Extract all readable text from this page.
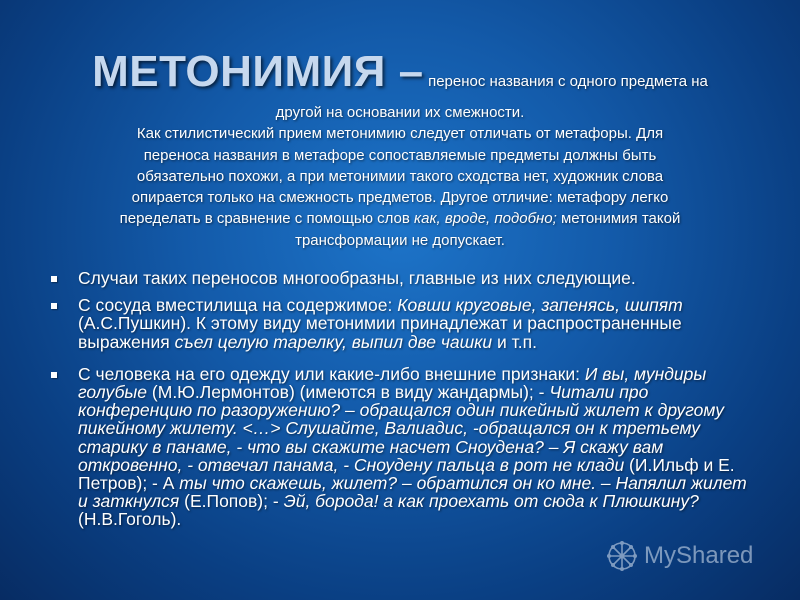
МЕТОНИМИЯ – перенос названия с одного предмета на
другой на основании их смежности.
Как стилистический прием метонимию следует отличать от метафоры. Для
переноса названия в метафоре сопоставляемые предметы должны быть
обязательно похожи, а при метонимии такого сходства нет, художник слова
опирается только на смежность предметов. Другое отличие: метафору легко
переделать в сравнение с помощью слов как, вроде, подобно; метонимия такой
трансформации не допускает.
Случаи таких переносов многообразны, главные из них следующие.
С сосуда вместилища на содержимое: Ковши круговые, запенясь, шипят (А.С.Пушкин). К этому виду метонимии принадлежат и распространенные выражения съел целую тарелку, выпил две чашки и т.п.
С человека на его одежду или какие-либо внешние признаки: И вы, мундиры голубые (М.Ю.Лермонтов) (имеются в виду жандармы); - Читали про конференцию по разоружению? – обращался один пикейный жилет к другому пикейному жилету. <…> Слушайте, Валиадис, -обращался он к третьему старику в панаме, - что вы скажите насчет Сноудена? – Я скажу вам откровенно, - отвечал панама, - Сноудену пальца в рот не клади (И.Ильф и Е. Петров); - А ты что скажешь, жилет? – обратился он ко мне. – Напялил жилет и заткнулся (Е.Попов); - Эй, борода! а как проехать от сюда к Плюшкину? (Н.В.Гоголь).
MyShared
